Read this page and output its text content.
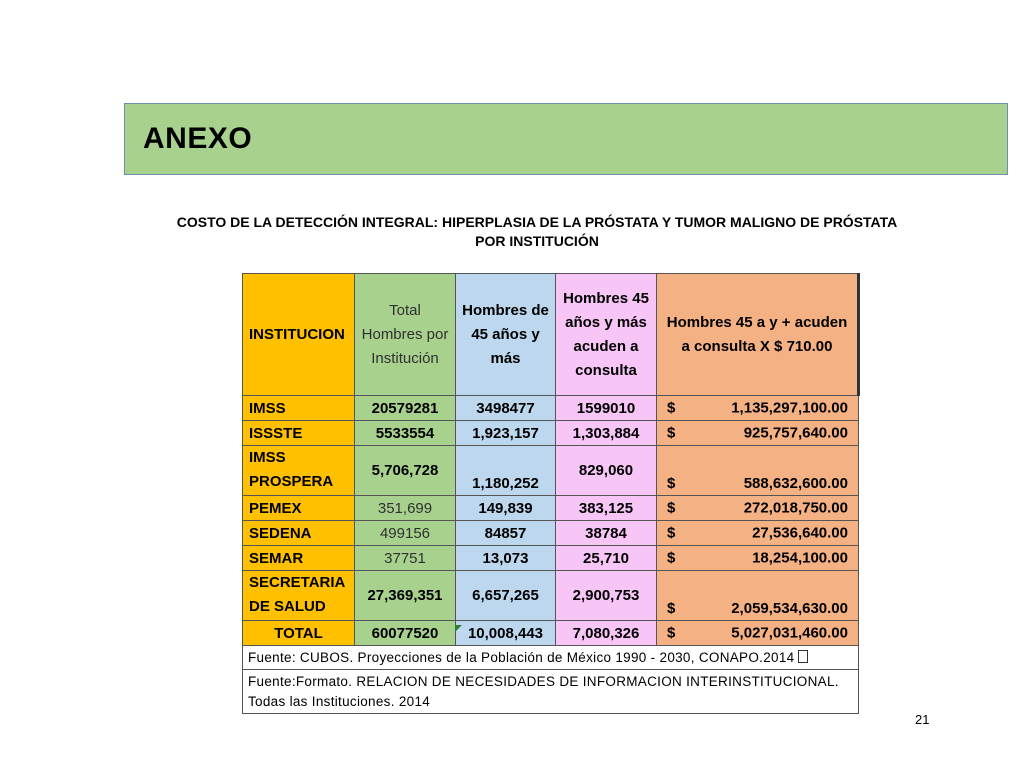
ANEXO
COSTO DE LA DETECCIÓN INTEGRAL: HIPERPLASIA DE LA PRÓSTATA Y TUMOR MALIGNO DE PRÓSTATA
POR INSTITUCIÓN
INSTITUCION	Total Hombres por Institución	Hombres de 45 años y más	Hombres 45 años y más acuden a consulta	Hombres 45 a y + acuden a consulta X $ 710.00
IMSS	20579281	3498477	1599010	$ 1,135,297,100.00

ISSSTE	5533554	1,923,157	1,303,884	$ 925,757,640.00

IMSS PROSPERA	5,706,728	1,180,252	829,060	$ 588,632,600.00

PEMEX	351,699	149,839	383,125	$ 272,018,750.00

SEDENA	499156	84857	38784	$ 27,536,640.00

SEMAR	37751	13,073	25,710	$ 18,254,100.00

SECRETARIA DE SALUD	27,369,351	6,657,265	2,900,753	$ 2,059,534,630.00

TOTAL	60077520	10,008,443	7,080,326	$ 5,027,031,460.00

Fuente: CUBOS. Proyecciones de la Población de México 1990 - 2030, CONAPO.2014				
Fuente:Formato. RELACION DE NECESIDADES DE INFORMACION INTERINSTITUCIONAL. Todas las Instituciones. 2014				
21
